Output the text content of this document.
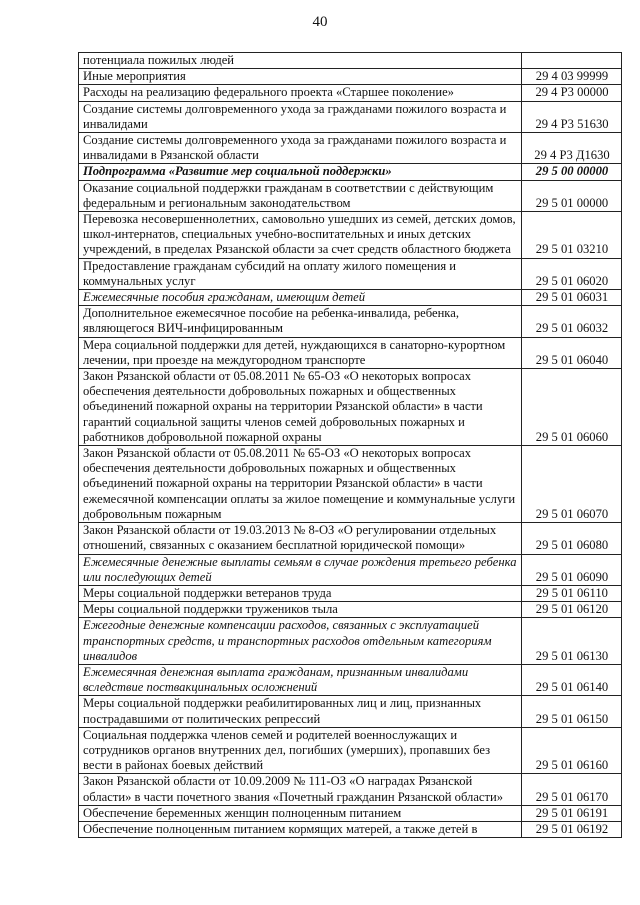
40
потенциала пожилых людей	
Иные мероприятия	29 4 03 99999
Расходы на реализацию федерального проекта «Старшее поколение»	29 4 P3 00000
Создание системы долговременного ухода за гражданами пожилого возраста и инвалидами	29 4 P3 51630
Создание системы долговременного ухода за гражданами пожилого возраста и инвалидами в Рязанской области	29 4 P3 Д1630
Подпрограмма «Развитие мер социальной поддержки»	29 5 00 00000
Оказание социальной поддержки гражданам в соответствии с действующим федеральным и региональным законодательством	29 5 01 00000
Перевозка несовершеннолетних, самовольно ушедших из семей, детских домов, школ-интернатов, специальных учебно-воспитательных и иных детских учреждений, в пределах Рязанской области за счет средств областного бюджета	29 5 01 03210
Предоставление гражданам субсидий на оплату жилого помещения и коммунальных услуг	29 5 01 06020
Ежемесячные пособия гражданам, имеющим детей	29 5 01 06031
Дополнительное ежемесячное пособие на ребенка-инвалида, ребенка, являющегося ВИЧ-инфицированным	29 5 01 06032
Мера социальной поддержки для детей, нуждающихся в санаторно-курортном лечении, при проезде на междугородном транспорте	29 5 01 06040
Закон Рязанской области от 05.08.2011 № 65-ОЗ «О некоторых вопросах обеспечения деятельности добровольных пожарных и общественных объединений пожарной охраны на территории Рязанской области» в части гарантий социальной защиты членов семей добровольных пожарных и работников добровольной пожарной охраны	29 5 01 06060
Закон Рязанской области от 05.08.2011 № 65-ОЗ «О некоторых вопросах обеспечения деятельности добровольных пожарных и общественных объединений пожарной охраны на территории Рязанской области» в части ежемесячной компенсации оплаты за жилое помещение и коммунальные услуги добровольным пожарным	29 5 01 06070
Закон Рязанской области от 19.03.2013 № 8-ОЗ «О регулировании отдельных отношений, связанных с оказанием бесплатной юридической помощи»	29 5 01 06080
Ежемесячные денежные выплаты семьям в случае рождения третьего ребенка или последующих детей	29 5 01 06090
Меры социальной поддержки ветеранов труда	29 5 01 06110
Меры социальной поддержки тружеников тыла	29 5 01 06120
Ежегодные денежные компенсации расходов, связанных с эксплуатацией транспортных средств, и транспортных расходов отдельным категориям инвалидов	29 5 01 06130
Ежемесячная денежная выплата гражданам, признанным инвалидами вследствие поствакцинальных осложнений	29 5 01 06140
Меры социальной поддержки реабилитированных лиц и лиц, признанных пострадавшими от политических репрессий	29 5 01 06150
Социальная поддержка членов семей и родителей военнослужащих и сотрудников органов внутренних дел, погибших (умерших), пропавших без вести в районах боевых действий	29 5 01 06160
Закон Рязанской области от 10.09.2009 № 111-ОЗ «О наградах Рязанской области» в части почетного звания «Почетный гражданин Рязанской области»	29 5 01 06170
Обеспечение беременных женщин полноценным питанием	29 5 01 06191
Обеспечение полноценным питанием кормящих матерей, а также детей в	29 5 01 06192
